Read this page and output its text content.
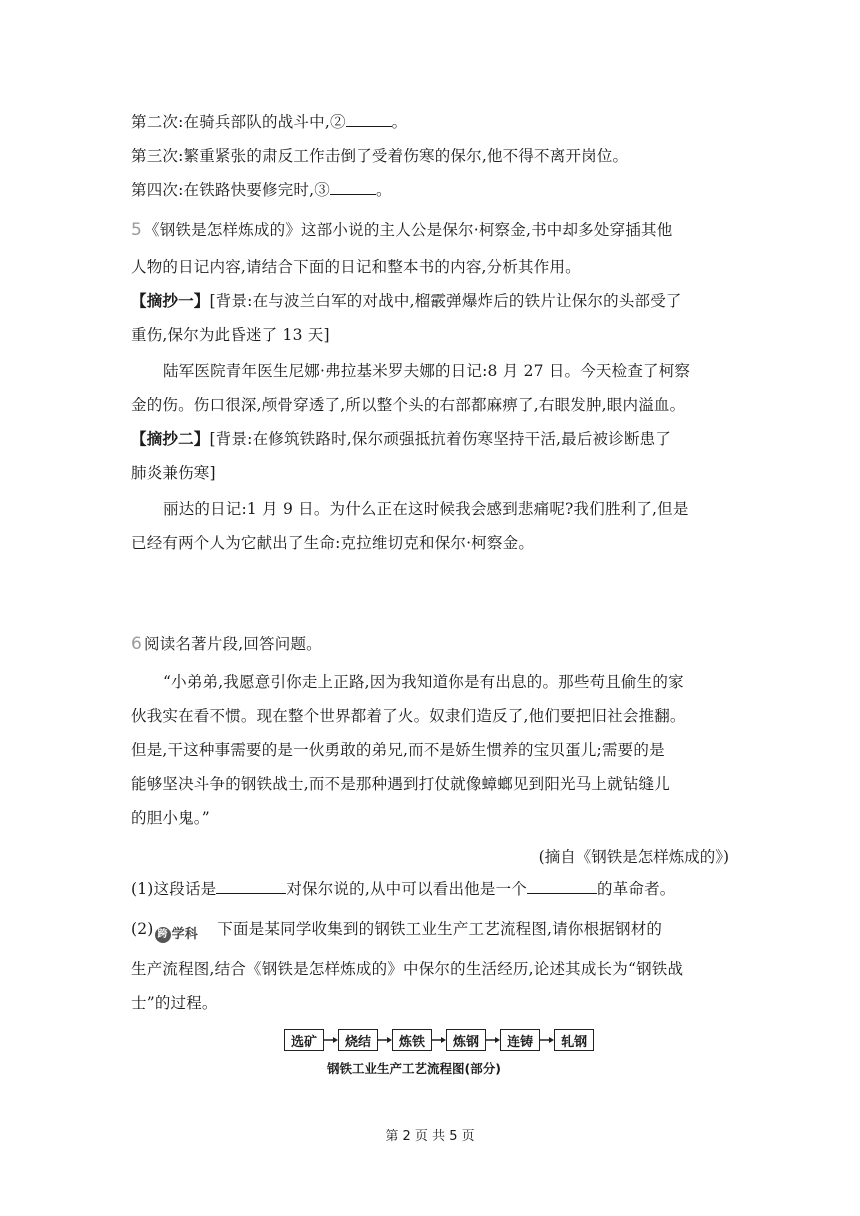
第二次:在骑兵部队的战斗中,②	。
第三次:繁重紧张的肃反工作击倒了受着伤寒的保尔,他不得不离开岗位。
第四次:在铁路快要修完时,③	。
5 《钢铁是怎样炼成的》这部小说的主人公是保尔·柯察金,书中却多处穿插其他
人物的日记内容,请结合下面的日记和整本书的内容,分析其作用。
【摘抄一】[背景:在与波兰白军的对战中,榴霰弹爆炸后的铁片让保尔的头部受了
重伤,保尔为此昏迷了 13 天]
陆军医院青年医生尼娜·弗拉基米罗夫娜的日记:8 月 27 日。今天检查了柯察
金的伤。伤口很深,颅骨穿透了,所以整个头的右部都麻痹了,右眼发肿,眼内溢血。
【摘抄二】[背景:在修筑铁路时,保尔顽强抵抗着伤寒坚持干活,最后被诊断患了
肺炎兼伤寒]
丽达的日记:1 月 9 日。为什么正在这时候我会感到悲痛呢?我们胜利了,但是
已经有两个人为它献出了生命:克拉维切克和保尔·柯察金。
6 阅读名著片段,回答问题。
“小弟弟,我愿意引你走上正路,因为我知道你是有出息的。那些苟且偷生的家
伙我实在看不惯。现在整个世界都着了火。奴隶们造反了,他们要把旧社会推翻。
但是,干这种事需要的是一伙勇敢的弟兄,而不是娇生惯养的宝贝蛋儿;需要的是
能够坚决斗争的钢铁战士,而不是那种遇到打仗就像蟑螂见到阳光马上就钻缝儿
的胆小鬼。”
(摘自《钢铁是怎样炼成的》)
(1)这段话是	对保尔说的,从中可以看出他是一个	的革命者。
(2) 跨 学科 下面是某同学收集到的钢铁工业生产工艺流程图,请你根据钢材的
生产流程图,结合《钢铁是怎样炼成的》中保尔的生活经历,论述其成长为“钢铁战
士”的过程。
选矿	烧结	炼铁	炼钢	连铸	轧钢
钢铁工业生产工艺流程图(部分)
第 2 页 共 5 页
